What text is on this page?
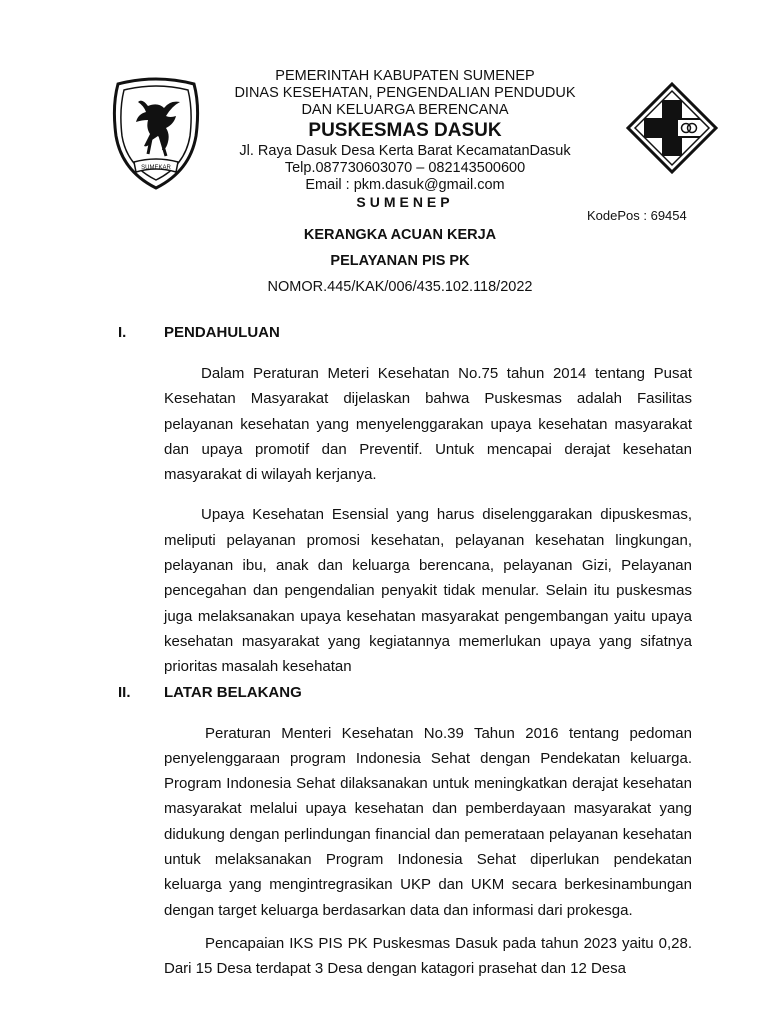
SUMEKAR
PEMERINTAH KABUPATEN SUMENEP
DINAS KESEHATAN, PENGENDALIAN PENDUDUK
DAN KELUARGA BERENCANA
PUSKESMAS DASUK
Jl. Raya Dasuk Desa Kerta Barat KecamatanDasuk
Telp.087730603070 – 082143500600
Email : pkm.dasuk@gmail.com
SUMENEP
KodePos : 69454
KERANGKA ACUAN KERJA
PELAYANAN PIS PK
NOMOR.445/KAK/006/435.102.118/2022
I.	PENDAHULUAN

Dalam Peraturan Meteri Kesehatan No.75 tahun 2014 tentang Pusat Kesehatan Masyarakat dijelaskan bahwa Puskesmas adalah Fasilitas pelayanan kesehatan yang menyelenggarakan upaya kesehatan masyarakat dan upaya promotif dan Preventif. Untuk mencapai derajat kesehatan masyarakat di wilayah kerjanya.

Upaya Kesehatan Esensial yang harus diselenggarakan dipuskesmas, meliputi pelayanan promosi kesehatan, pelayanan kesehatan lingkungan, pelayanan ibu, anak dan keluarga berencana, pelayanan Gizi, Pelayanan pencegahan dan pengendalian penyakit tidak menular. Selain itu puskesmas juga melaksanakan upaya kesehatan masyarakat pengembangan yaitu upaya kesehatan masyarakat yang kegiatannya memerlukan upaya yang sifatnya prioritas masalah kesehatan

II.	LATAR BELAKANG

Peraturan Menteri Kesehatan No.39 Tahun 2016 tentang pedoman penyelenggaraan program Indonesia Sehat dengan Pendekatan keluarga. Program Indonesia Sehat dilaksanakan untuk meningkatkan derajat kesehatan masyarakat melalui upaya kesehatan dan pemberdayaan masyarakat yang didukung dengan perlindungan financial dan pemerataan pelayanan kesehatan untuk melaksanakan Program Indonesia Sehat diperlukan pendekatan keluarga yang mengintregrasikan UKP dan UKM secara berkesinambungan dengan target keluarga berdasarkan data dan informasi dari prokesga.

Pencapaian IKS PIS PK Puskesmas Dasuk pada tahun 2023 yaitu 0,28. Dari 15 Desa terdapat 3 Desa dengan katagori prasehat dan 12 Desa
